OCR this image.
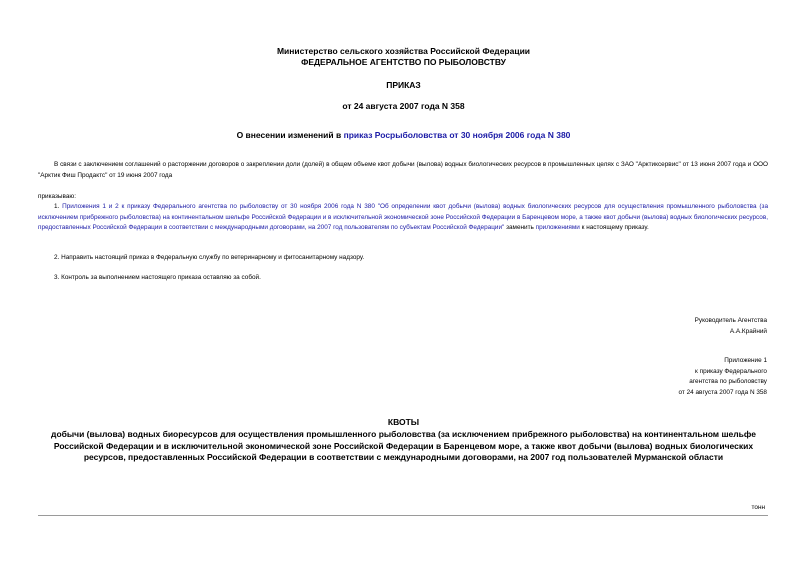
Министерство сельского хозяйства Российской Федерации
ФЕДЕРАЛЬНОЕ АГЕНТСТВО ПО РЫБОЛОВСТВУ
ПРИКАЗ
от 24 августа 2007 года N 358
О внесении изменений в приказ Росрыболовства от 30 ноября 2006 года N 380
В связи с заключением соглашений о расторжении договоров о закреплении доли (долей) в общем объеме квот добычи (вылова) водных биологических ресурсов в промышленных целях с ЗАО "Арктиксервис" от 13 июня 2007 года и ООО "Арктик Фиш Продактс" от 19 июня 2007 года
приказываю:
1. Приложения 1 и 2 к приказу Федерального агентства по рыболовству от 30 ноября 2006 года N 380 "Об определении квот добычи (вылова) водных биологических ресурсов для осуществления промышленного рыболовства (за исключением прибрежного рыболовства) на континентальном шельфе Российской Федерации и в исключительной экономической зоне Российской Федерации в Баренцевом море, а также квот добычи (вылова) водных биологических ресурсов, предоставленных Российской Федерации в соответствии с международными договорами, на 2007 год пользователям по субъектам Российской Федерации" заменить приложениями к настоящему приказу.
2. Направить настоящий приказ в Федеральную службу по ветеринарному и фитосанитарному надзору.
3. Контроль за выполнением настоящего приказа оставляю за собой.
Руководитель Агентства
А.А.Крайний
Приложение 1
к приказу Федерального
агентства по рыболовству
от 24 августа 2007 года N 358
КВОТЫ
добычи (вылова) водных биоресурсов для осуществления промышленного рыболовства (за исключением прибрежного рыболовства) на континентальном шельфе Российской Федерации и в исключительной экономической зоне Российской Федерации в Баренцевом море, а также квот добычи (вылова) водных биологических ресурсов, предоставленных Российской Федерации в соответствии с международными договорами, на 2007 год пользователей Мурманской области
тонн
